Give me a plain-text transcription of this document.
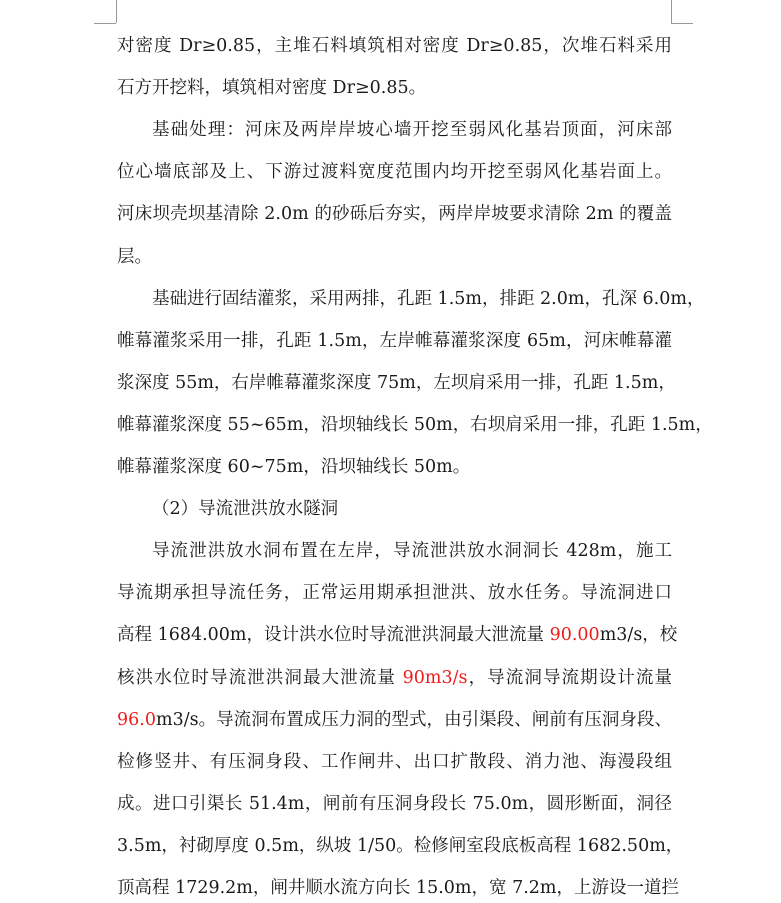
对密度 Dr≥0.85，主堆石料填筑相对密度 Dr≥0.85，次堆石料采用
石方开挖料，填筑相对密度 Dr≥0.85。
基础处理：河床及两岸岸坡心墙开挖至弱风化基岩顶面，河床部
位心墙底部及上、下游过渡料宽度范围内均开挖至弱风化基岩面上。
河床坝壳坝基清除 2.0m 的砂砾后夯实，两岸岸坡要求清除 2m 的覆盖
层。
基础进行固结灌浆，采用两排，孔距 1.5m，排距 2.0m，孔深 6.0m，
帷幕灌浆采用一排，孔距 1.5m，左岸帷幕灌浆深度 65m，河床帷幕灌
浆深度 55m，右岸帷幕灌浆深度 75m，左坝肩采用一排，孔距 1.5m，
帷幕灌浆深度 55~65m，沿坝轴线长 50m，右坝肩采用一排，孔距 1.5m，
帷幕灌浆深度 60~75m，沿坝轴线长 50m。
（2）导流泄洪放水隧洞
导流泄洪放水洞布置在左岸，导流泄洪放水洞洞长 428m，施工
导流期承担导流任务，正常运用期承担泄洪、放水任务。导流洞进口
高程 1684.00m，设计洪水位时导流泄洪洞最大泄流量 90.00m3/s，校
核洪水位时导流泄洪洞最大泄流量 90m3/s，导流洞导流期设计流量
96.0m3/s。导流洞布置成压力洞的型式，由引渠段、闸前有压洞身段、
检修竖井、有压洞身段、工作闸井、出口扩散段、消力池、海漫段组
成。进口引渠长 51.4m，闸前有压洞身段长 75.0m，圆形断面，洞径
3.5m，衬砌厚度 0.5m，纵坡 1/50。检修闸室段底板高程 1682.50m，
顶高程 1729.2m，闸井顺水流方向长 15.0m，宽 7.2m，上游设一道拦
